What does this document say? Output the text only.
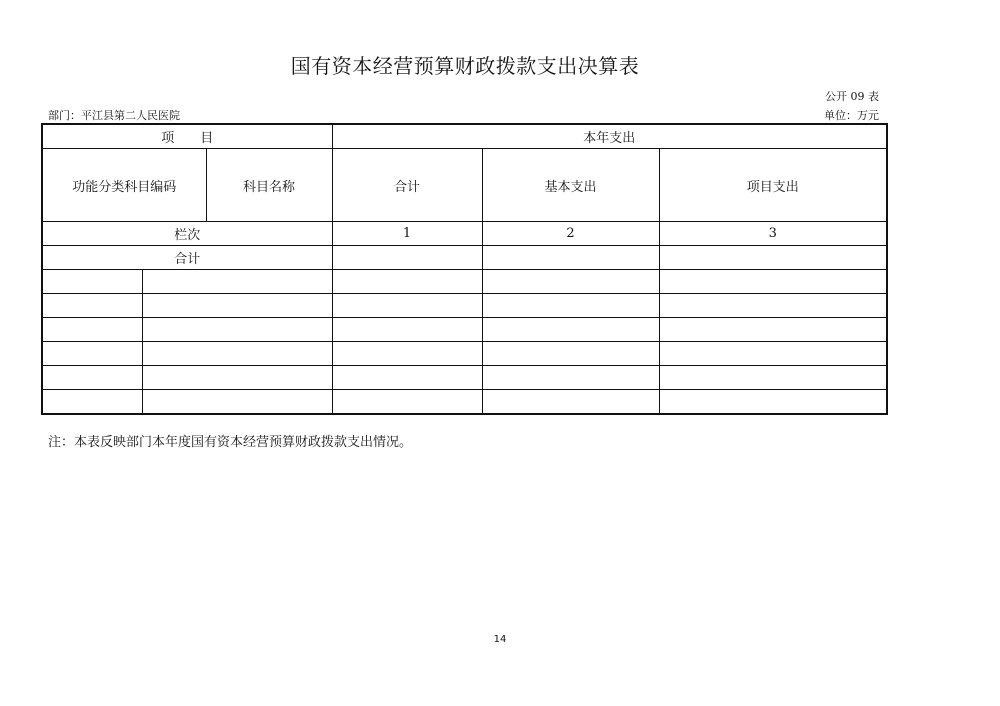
国有资本经营预算财政拨款支出决算表
公开 09 表
部门：平江县第二人民医院	单位：万元
项　　目			本年支出		
功能分类科目编码		科目名称	合计	基本支出	项目支出
栏次			1	2	3
合计					

注：本表反映部门本年度国有资本经营预算财政拨款支出情况。
14
